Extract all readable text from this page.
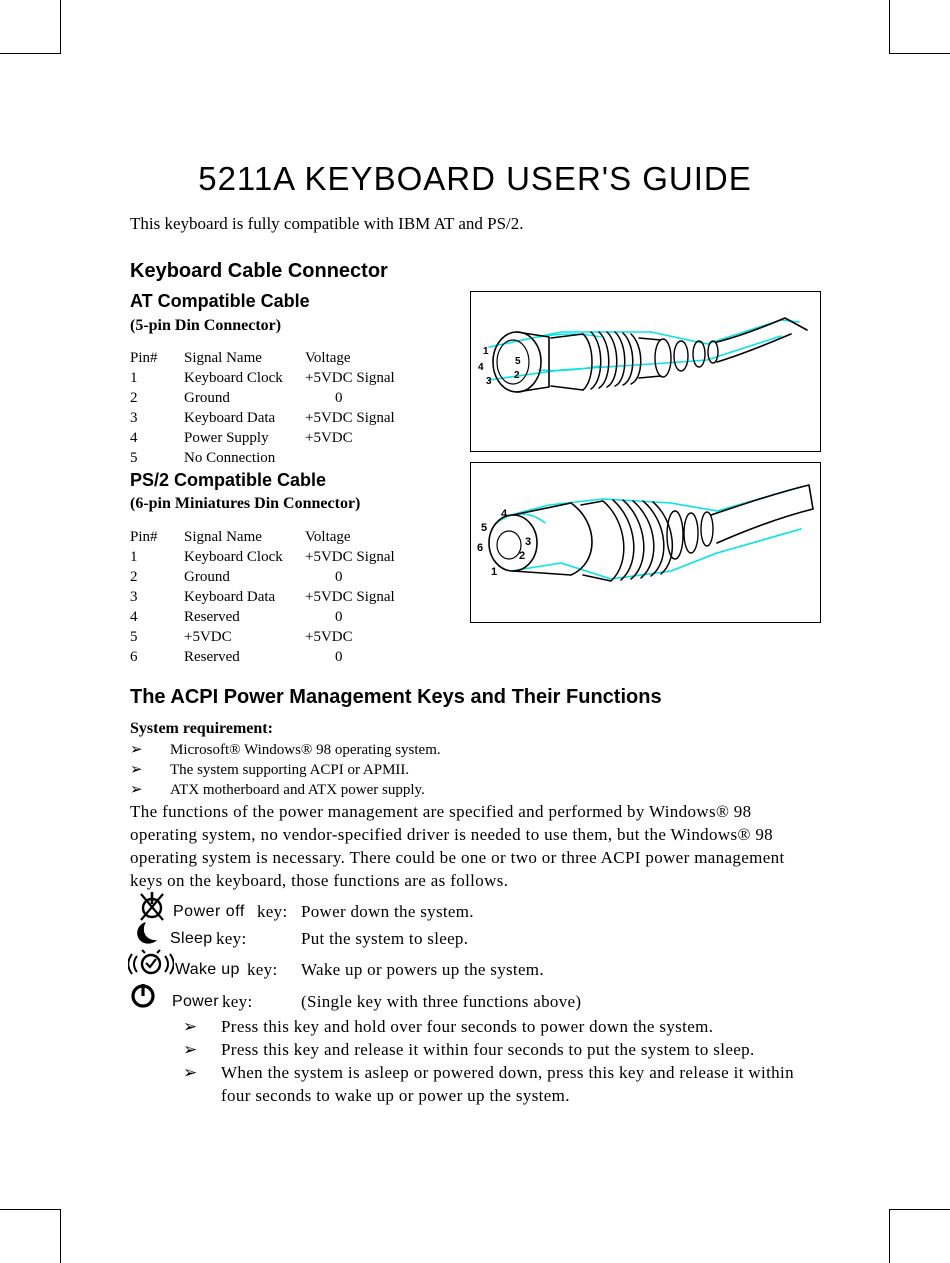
5211A KEYBOARD USER'S GUIDE
This keyboard is fully compatible with IBM AT and PS/2.
Keyboard Cable Connector
AT Compatible Cable
(5-pin Din Connector)
Pin# Signal Name	Voltage
1	Keyboard Clock +5VDC Signal
2	Ground	0
3	Keyboard Data +5VDC Signal
4	Power Supply +5VDC
5	No Connection
1
2
3
4
5
PS/2 Compatible Cable
(6-pin Miniatures Din Connector)
Pin# Signal Name	Voltage
1	Keyboard Clock +5VDC Signal
2	Ground	0
3	Keyboard Data +5VDC Signal
4	Reserved	0
5	+5VDC	+5VDC
6	Reserved	0
1
2
3
4
5
6
The ACPI Power Management Keys and Their Functions
System requirement:
➢ Microsoft® Windows® 98 operating system.
➢ The system supporting ACPI or APMII.
➢ ATX motherboard and ATX power supply.
The functions of the power management are specified and performed by Windows® 98
operating system, no vendor-specified driver is needed to use them, but the Windows® 98
operating system is necessary. There could be one or two or three ACPI power management
keys on the keyboard, those functions are as follows.
Power off key: Power down the system.
Sleep key:	Put the system to sleep.
Wake up key: Wake up or powers up the system.
Power key:	(Single key with three functions above)
➢ Press this key and hold over four seconds to power down the system.
➢ Press this key and release it within four seconds to put the system to sleep.
➢ When the system is asleep or powered down, press this key and release it within
four seconds to wake up or power up the system.
